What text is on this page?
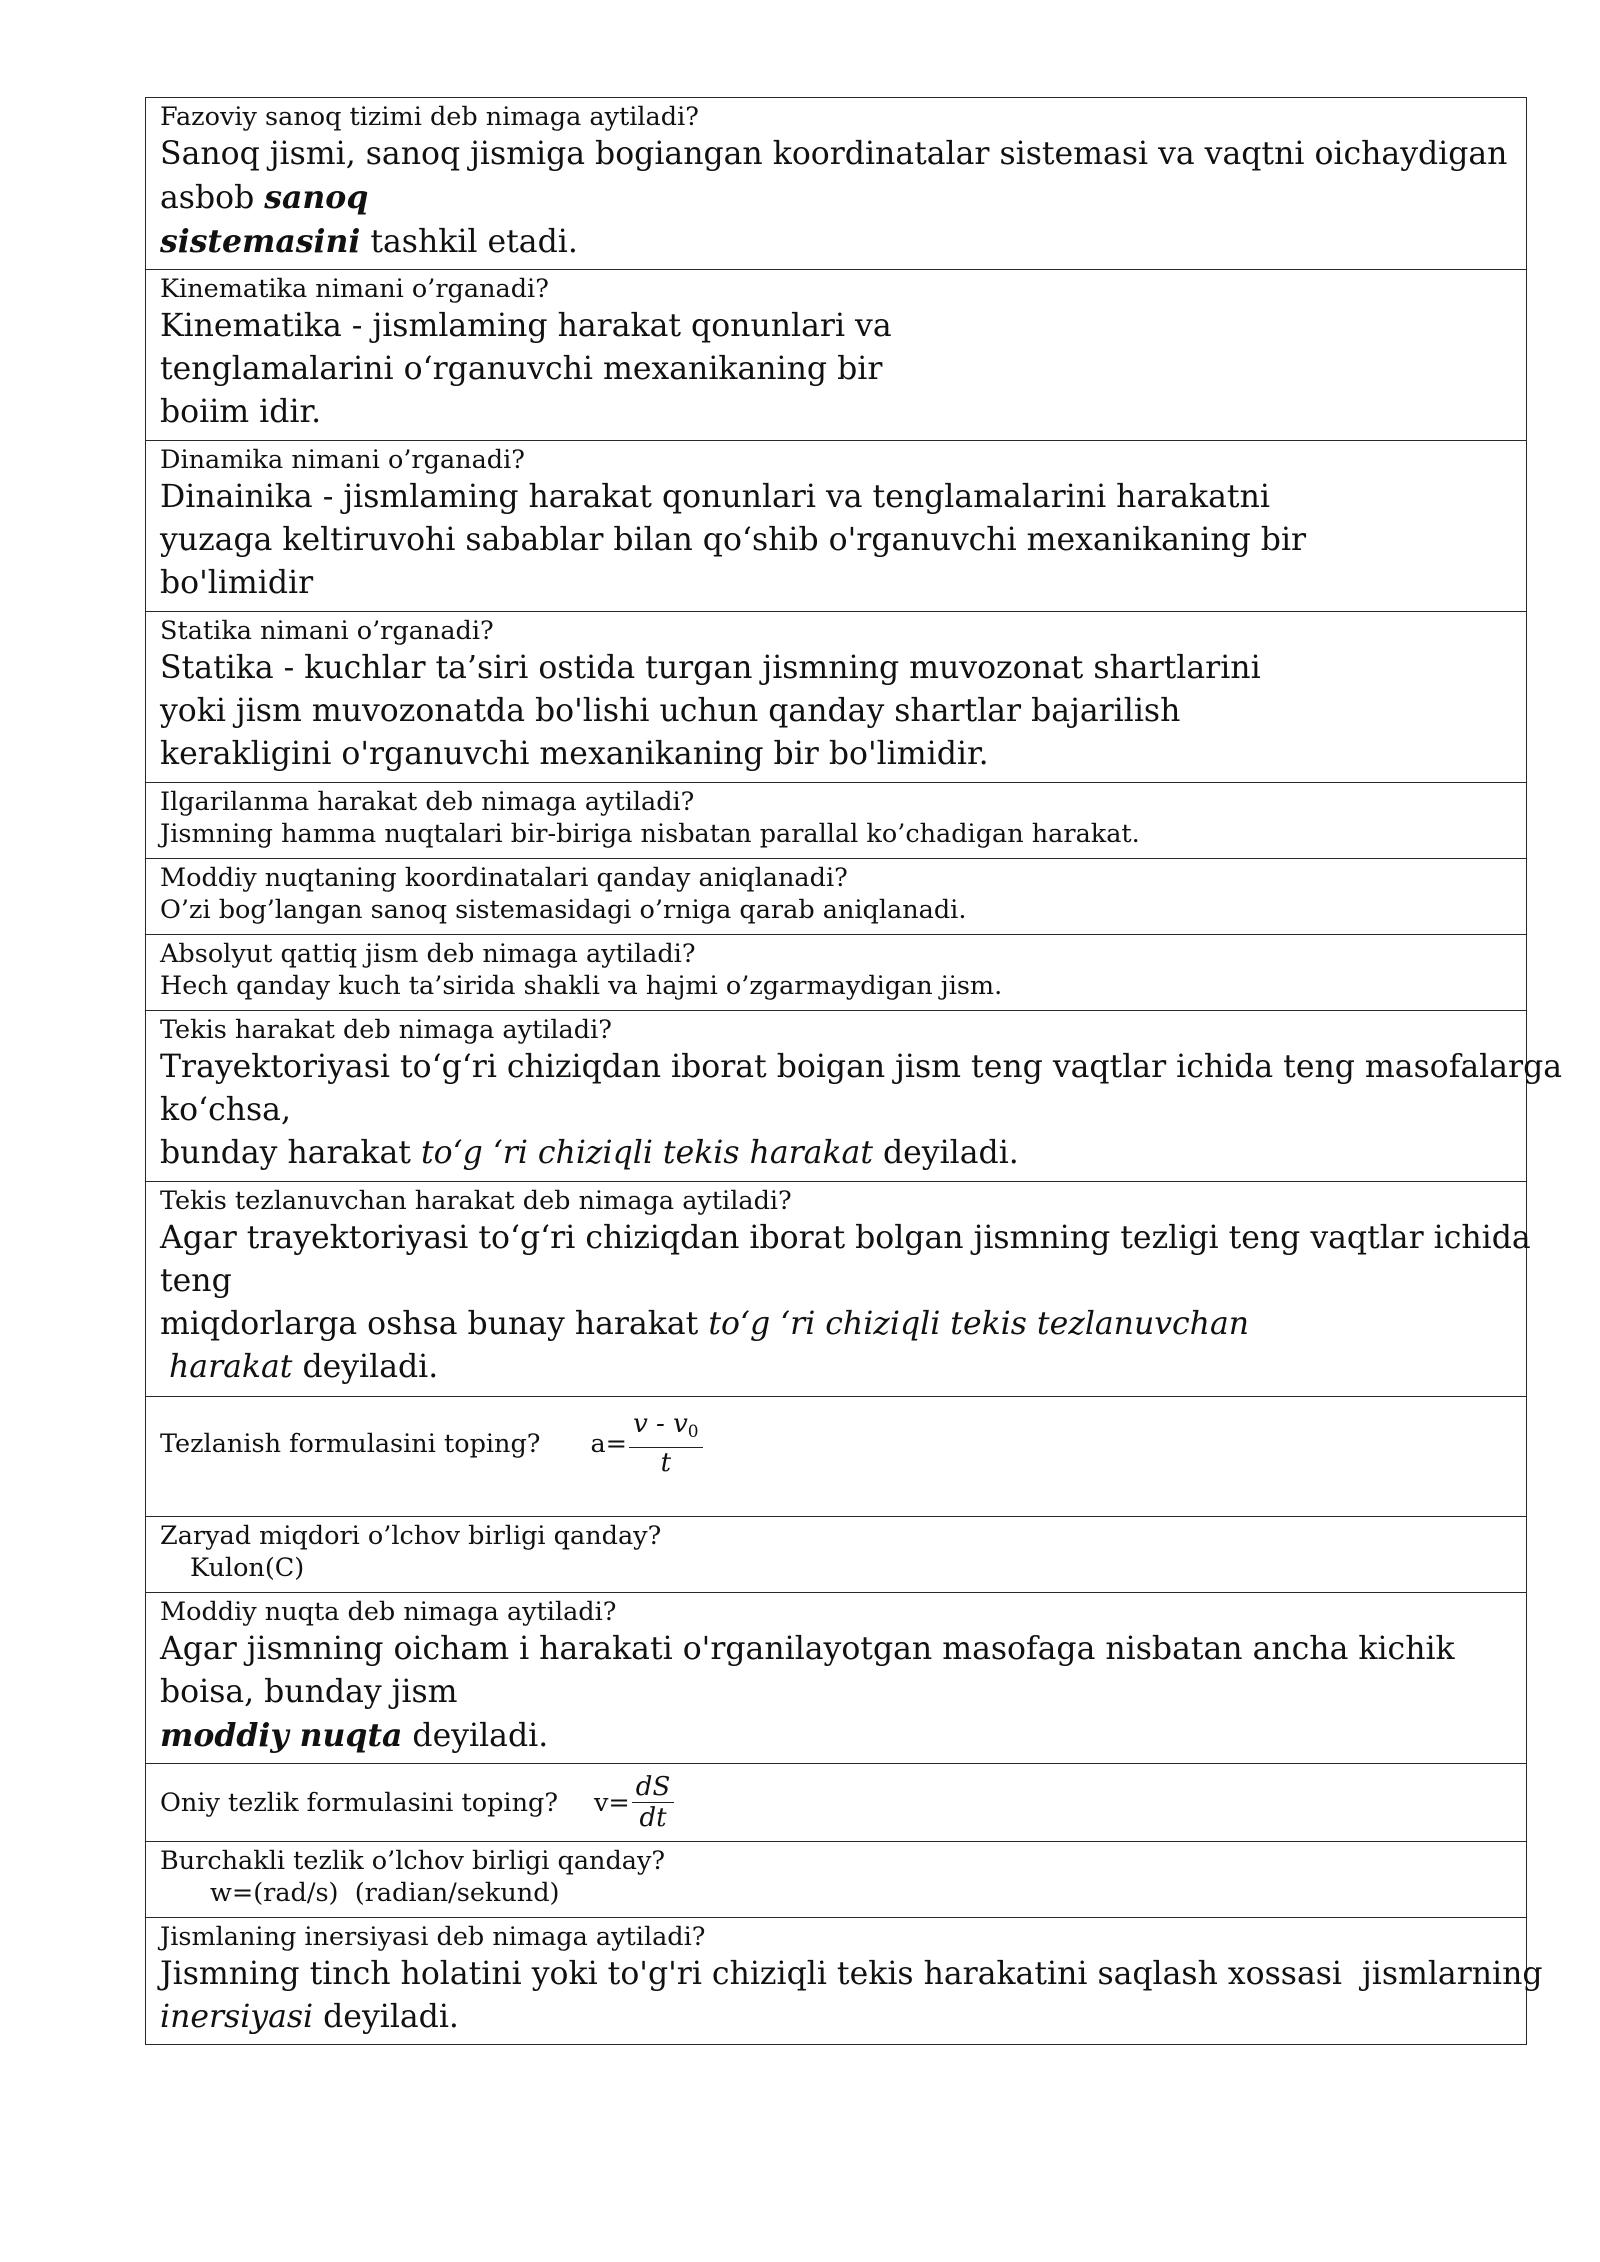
Fazoviy sanoq tizimi deb nimaga aytiladi?
Sanoq jismi, sanoq jismiga bogiangan koordinatalar sistemasi va vaqtni oichaydigan
asbob sanoq
sistemasini tashkil etadi.

Kinematika nimani o’rganadi?
Kinematika - jismlaming harakat qonunlari va
tenglamalarini o‘rganuvchi mexanikaning bir
boiim idir.

Dinamika nimani o’rganadi?
Dinainika - jismlaming harakat qonunlari va tenglamalarini harakatni
yuzaga keltiruvohi sabablar bilan qo‘shib o'rganuvchi mexanikaning bir
bo'limidir

Statika nimani o’rganadi?
Statika - kuchlar ta’siri ostida turgan jismning muvozonat shartlarini
yoki jism muvozonatda bo'lishi uchun qanday shartlar bajarilish
kerakligini o'rganuvchi mexanikaning bir bo'limidir.

Ilgarilanma harakat deb nimaga aytiladi?
Jismning hamma nuqtalari bir-biriga nisbatan parallal ko’chadigan harakat.

Moddiy nuqtaning koordinatalari qanday aniqlanadi?
O’zi bog’langan sanoq sistemasidagi o’rniga qarab aniqlanadi.

Absolyut qattiq jism deb nimaga aytiladi?
Hech qanday kuch ta’sirida shakli va hajmi o’zgarmaydigan jism.

Tekis harakat deb nimaga aytiladi?
Trayektoriyasi to‘g‘ri chiziqdan iborat boigan jism teng vaqtlar ichida teng masofalarga
ko‘chsa,
bunday harakat to‘g ‘ri chiziqli tekis harakat deyiladi.

Tekis tezlanuvchan harakat deb nimaga aytiladi?
Agar trayektoriyasi to‘g‘ri chiziqdan iborat bolgan jismning tezligi teng vaqtlar ichida
teng
miqdorlarga oshsa bunay harakat to‘g ‘ri chiziqli tekis tezlanuvchan
harakat deyiladi.

Tezlanish formulasini toping? $a= \frac{v - v_0}{t}$

Zaryad miqdori o’lchov birligi qanday?
Kulon(C)

Moddiy nuqta deb nimaga aytiladi?
Agar jismning oicham i harakati o'rganilayotgan masofaga nisbatan ancha kichik
boisa, bunday jism
moddiy nuqta deyiladi.

Oniy tezlik formulasini toping? $v= \frac{dS}{dt}$

Burchakli tezlik o’lchov birligi qanday?
w=(rad/s)  (radian/sekund)

Jismlaning inersiyasi deb nimaga aytiladi?
Jismning tinch holatini yoki to'g'ri chiziqli tekis harakatini saqlash xossasi  jismlarning
inersiyasi deyiladi.
